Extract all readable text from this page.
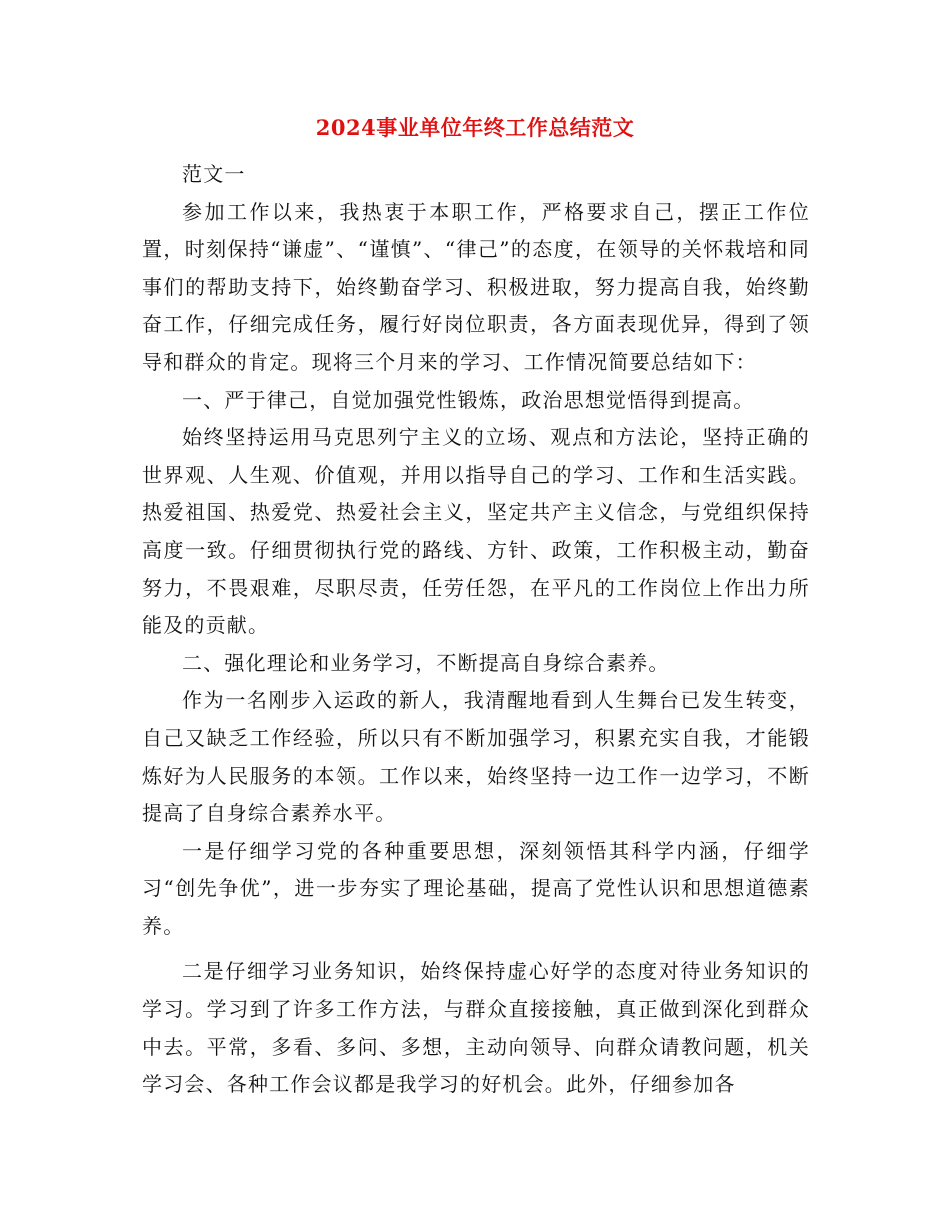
2024事业单位年终工作总结范文

范文一

参加工作以来，我热衷于本职工作，严格要求自己，摆正工作位置，时刻保持“谦虚”、“谨慎”、“律己”的态度，在领导的关怀栽培和同事们的帮助支持下，始终勤奋学习、积极进取，努力提高自我，始终勤奋工作，仔细完成任务，履行好岗位职责，各方面表现优异，得到了领导和群众的肯定。现将三个月来的学习、工作情况简要总结如下：

一、严于律己，自觉加强党性锻炼，政治思想觉悟得到提高。

始终坚持运用马克思列宁主义的立场、观点和方法论，坚持正确的世界观、人生观、价值观，并用以指导自己的学习、工作和生活实践。热爱祖国、热爱党、热爱社会主义，坚定共产主义信念，与党组织保持高度一致。仔细贯彻执行党的路线、方针、政策，工作积极主动，勤奋努力，不畏艰难，尽职尽责，任劳任怨，在平凡的工作岗位上作出力所能及的贡献。

二、强化理论和业务学习，不断提高自身综合素养。

作为一名刚步入运政的新人，我清醒地看到人生舞台已发生转变，自己又缺乏工作经验，所以只有不断加强学习，积累充实自我，才能锻炼好为人民服务的本领。工作以来，始终坚持一边工作一边学习，不断提高了自身综合素养水平。

一是仔细学习党的各种重要思想，深刻领悟其科学内涵，仔细学习“创先争优”，进一步夯实了理论基础，提高了党性认识和思想道德素养。

二是仔细学习业务知识，始终保持虚心好学的态度对待业务知识的学习。学习到了许多工作方法，与群众直接接触，真正做到深化到群众中去。平常，多看、多问、多想，主动向领导、向群众请教问题，机关学习会、各种工作会议都是我学习的好机会。此外，仔细参加各
